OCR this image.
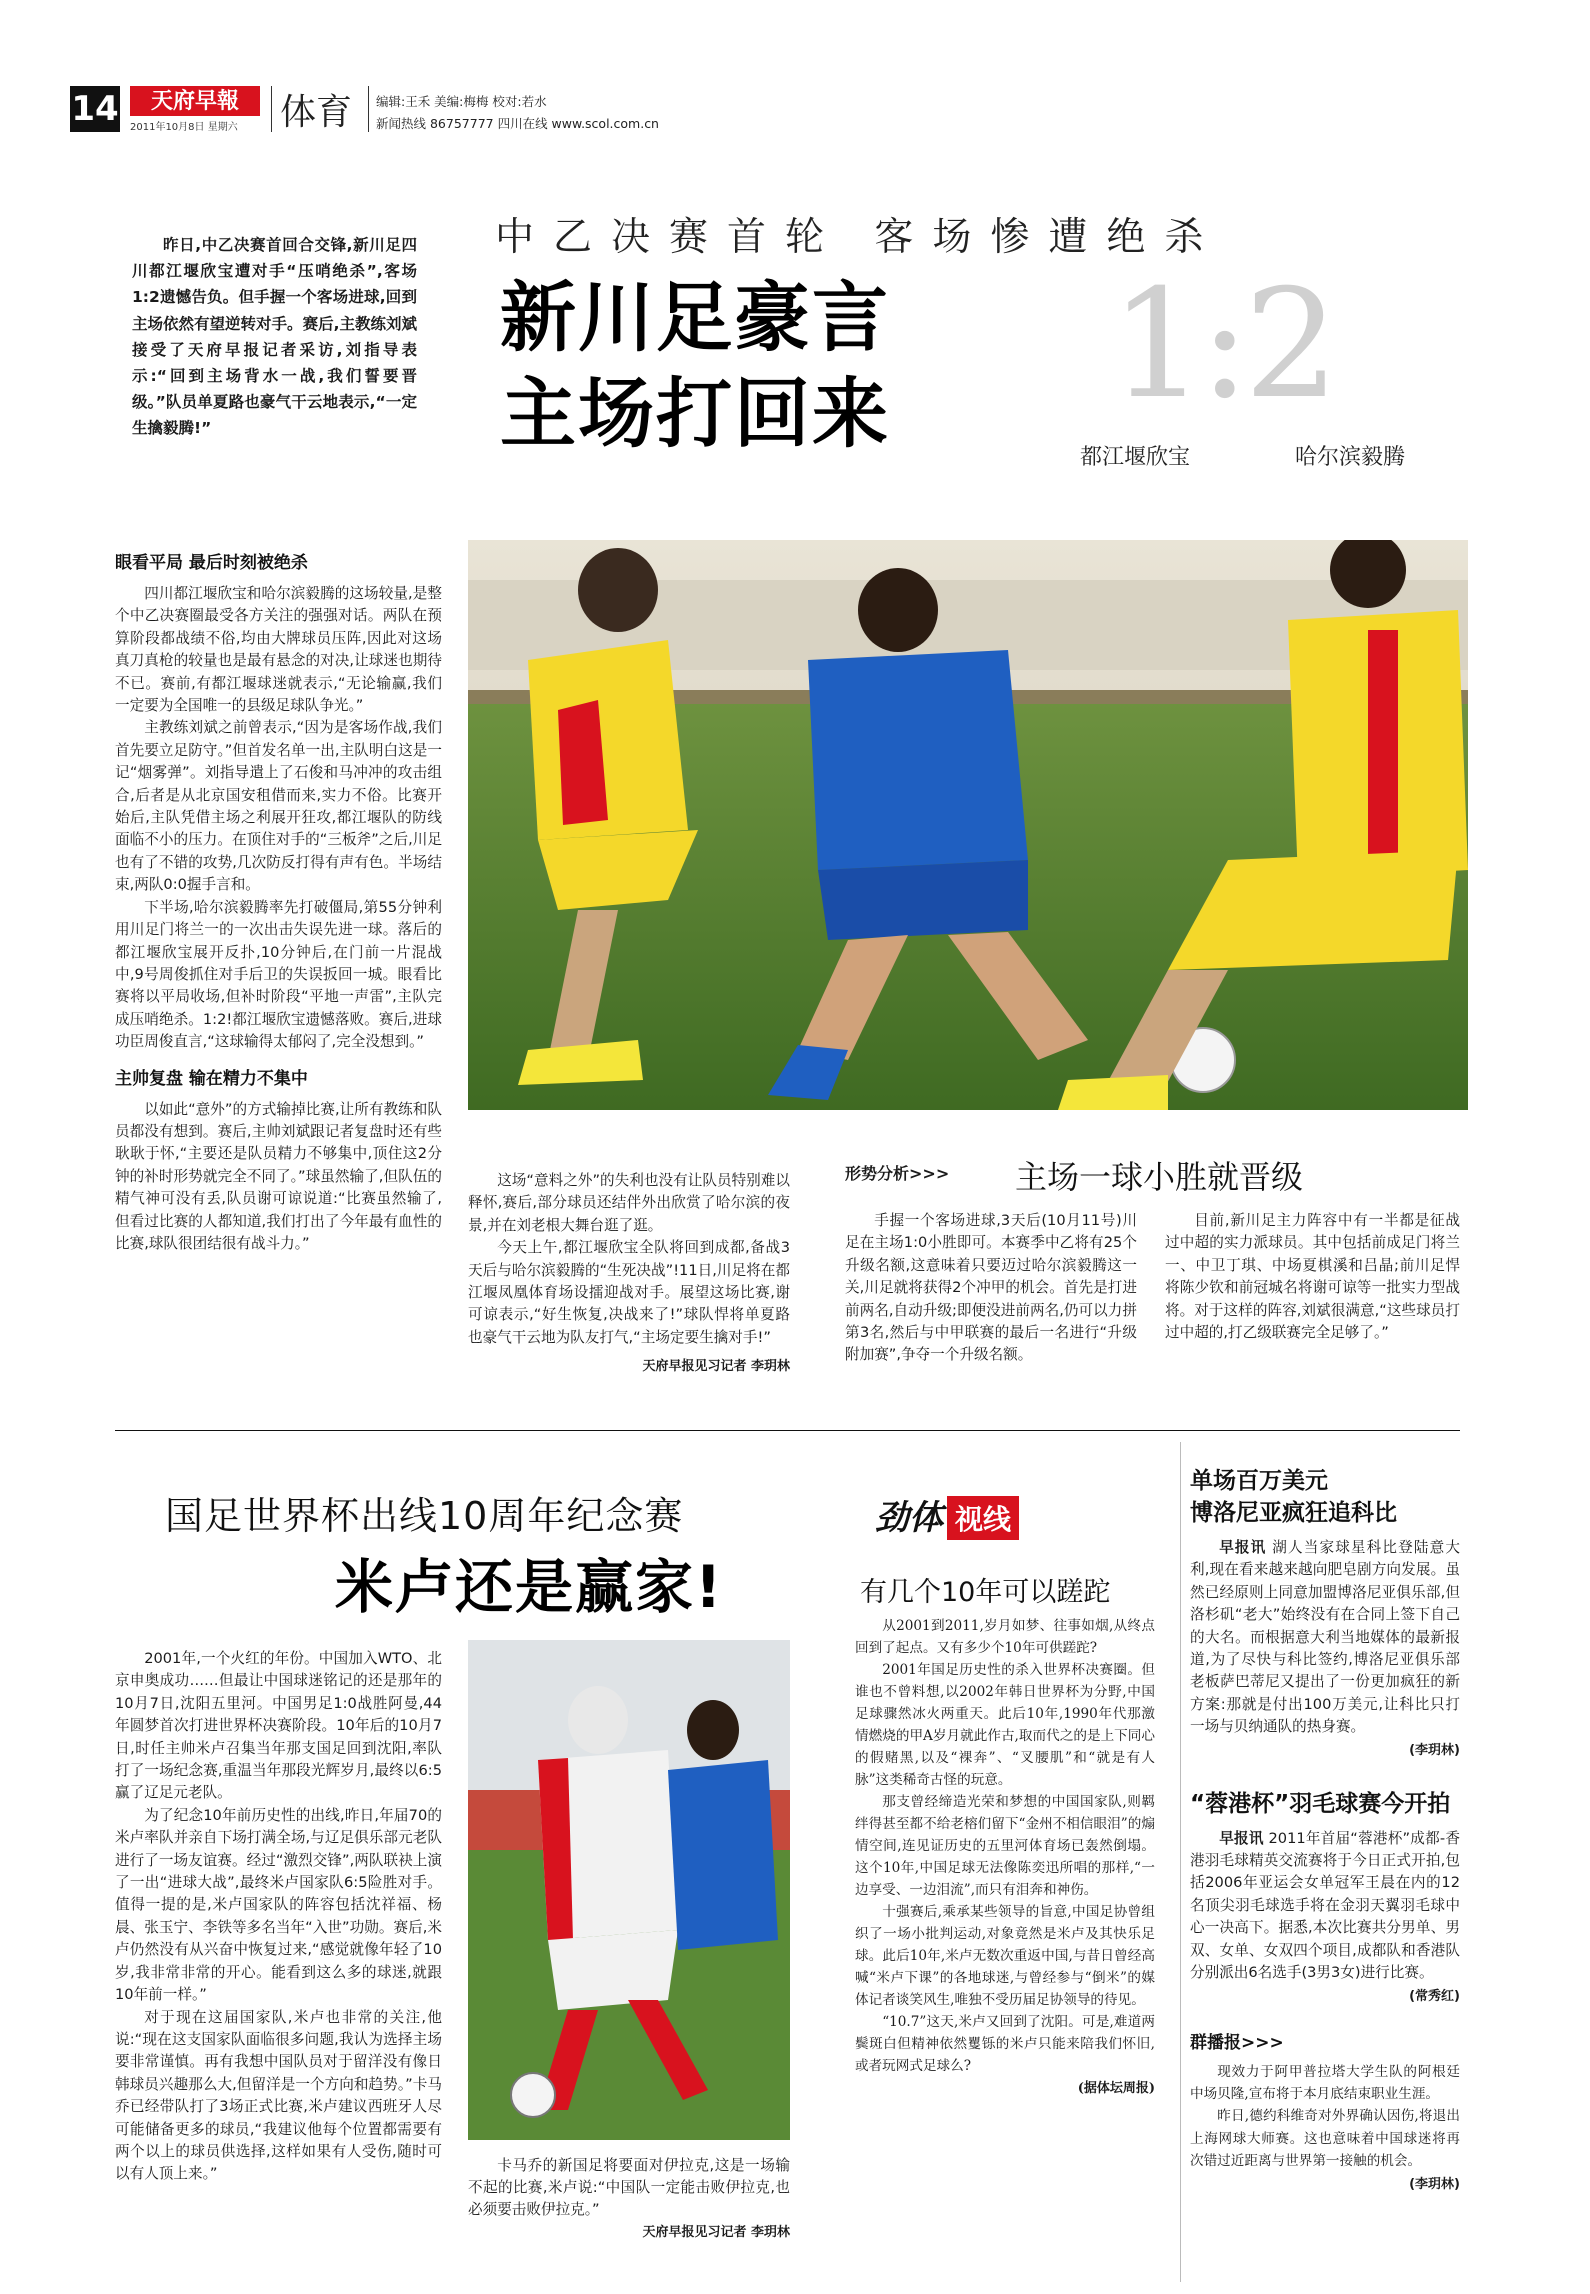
14	天府早報
2011年10月8日 星期六	体育 编辑:王禾 美编:梅梅 校对:若水
新闻热线 86757777 四川在线 www.scol.com.cn

昨日,中乙决赛首回合交锋,新川足四川都江堰欣宝遭对手“压哨绝杀”,客场1:2遗憾告负。但手握一个客场进球,回到主场依然有望逆转对手。赛后,主教练刘斌接受了天府早报记者采访,刘指导表示:“回到主场背水一战,我们誓要晋级。”队员单夏路也豪气干云地表示,“一定生擒毅腾!”

中乙决赛首轮 客场惨遭绝杀
新川足豪言
主场打回来	1:2
都江堰欣宝	哈尔滨毅腾
眼看平局 最后时刻被绝杀

四川都江堰欣宝和哈尔滨毅腾的这场较量,是整个中乙决赛圈最受各方关注的强强对话。两队在预算阶段都战绩不俗,均由大牌球员压阵,因此对这场真刀真枪的较量也是最有悬念的对决,让球迷也期待不已。赛前,有都江堰球迷就表示,“无论输赢,我们一定要为全国唯一的县级足球队争光。”

主教练刘斌之前曾表示,“因为是客场作战,我们首先要立足防守。”但首发名单一出,主队明白这是一记“烟雾弹”。刘指导遣上了石俊和马冲冲的攻击组合,后者是从北京国安租借而来,实力不俗。比赛开始后,主队凭借主场之利展开狂攻,都江堰队的防线面临不小的压力。在顶住对手的“三板斧”之后,川足也有了不错的攻势,几次防反打得有声有色。半场结束,两队0:0握手言和。

下半场,哈尔滨毅腾率先打破僵局,第55分钟利用川足门将兰一的一次出击失误先进一球。落后的都江堰欣宝展开反扑,10分钟后,在门前一片混战中,9号周俊抓住对手后卫的失误扳回一城。眼看比赛将以平局收场,但补时阶段“平地一声雷”,主队完成压哨绝杀。1:2!都江堰欣宝遗憾落败。赛后,进球功臣周俊直言,“这球输得太郁闷了,完全没想到。”

主帅复盘 输在精力不集中

以如此“意外”的方式输掉比赛,让所有教练和队员都没有想到。赛后,主帅刘斌跟记者复盘时还有些耿耿于怀,“主要还是队员精力不够集中,顶住这2分钟的补时形势就完全不同了。”球虽然输了,但队伍的精气神可没有丢,队员谢可谅说道:“比赛虽然输了,但看过比赛的人都知道,我们打出了今年最有血性的比赛,球队很团结很有战斗力。”

这场“意料之外”的失利也没有让队员特别难以释怀,赛后,部分球员还结伴外出欣赏了哈尔滨的夜景,并在刘老根大舞台逛了逛。

今天上午,都江堰欣宝全队将回到成都,备战3天后与哈尔滨毅腾的“生死决战”!11日,川足将在都江堰凤凰体育场设擂迎战对手。展望这场比赛,谢可谅表示,“好生恢复,决战来了!”球队悍将单夏路也豪气干云地为队友打气,“主场定要生擒对手!”

天府早报见习记者 李玥林
形势分析>>> 主场一球小胜就晋级

手握一个客场进球,3天后(10月11号)川足在主场1:0小胜即可。本赛季中乙将有25个升级名额,这意味着只要迈过哈尔滨毅腾这一关,川足就将获得2个冲甲的机会。首先是打进前两名,自动升级;即便没进前两名,仍可以力拼第3名,然后与中甲联赛的最后一名进行“升级附加赛”,争夺一个升级名额。

目前,新川足主力阵容中有一半都是征战过中超的实力派球员。其中包括前成足门将兰一、中卫丁琪、中场夏棋溪和吕晶;前川足悍将陈少钦和前冠城名将谢可谅等一批实力型战将。对于这样的阵容,刘斌很满意,“这些球员打过中超的,打乙级联赛完全足够了。”

国足世界杯出线10周年纪念赛
米卢还是赢家!

2001年,一个火红的年份。中国加入WTO、北京申奥成功……但最让中国球迷铭记的还是那年的10月7日,沈阳五里河。中国男足1:0战胜阿曼,44年圆梦首次打进世界杯决赛阶段。10年后的10月7日,时任主帅米卢召集当年那支国足回到沈阳,率队打了一场纪念赛,重温当年那段光辉岁月,最终以6:5赢了辽足元老队。

为了纪念10年前历史性的出线,昨日,年届70的米卢率队并亲自下场打满全场,与辽足俱乐部元老队进行了一场友谊赛。经过“激烈交锋”,两队联袂上演了一出“进球大战”,最终米卢国家队6:5险胜对手。值得一提的是,米卢国家队的阵容包括沈祥福、杨晨、张玉宁、李铁等多名当年“入世”功勋。赛后,米卢仍然没有从兴奋中恢复过来,“感觉就像年轻了10岁,我非常非常的开心。能看到这么多的球迷,就跟10年前一样。”

对于现在这届国家队,米卢也非常的关注,他说:“现在这支国家队面临很多问题,我认为选择主场要非常谨慎。再有我想中国队员对于留洋没有像日韩球员兴趣那么大,但留洋是一个方向和趋势。”卡马乔已经带队打了3场正式比赛,米卢建议西班牙人尽可能储备更多的球员,“我建议他每个位置都需要有两个以上的球员供选择,这样如果有人受伤,随时可以有人顶上来。”	卡马乔的新国足将要面对伊拉克,这是一场输不起的比赛,米卢说:“中国队一定能击败伊拉克,也必须要击败伊拉克。”

天府早报见习记者 李玥林
劲体 视线
有几个10年可以蹉跎

从2001到2011,岁月如梦、往事如烟,从终点回到了起点。又有多少个10年可供蹉跎?

2001年国足历史性的杀入世界杯决赛圈。但谁也不曾料想,以2002年韩日世界杯为分野,中国足球骤然冰火两重天。此后10年,1990年代那激情燃烧的甲A岁月就此作古,取而代之的是上下同心的假赌黑,以及“裸奔”、“叉腰肌”和“就是有人脉”这类稀奇古怪的玩意。

那支曾经缔造光荣和梦想的中国国家队,则羁绊得甚至都不给老榕们留下“金州不相信眼泪”的煽情空间,连见证历史的五里河体育场已轰然倒塌。这个10年,中国足球无法像陈奕迅所唱的那样,“一边享受、一边泪流”,而只有泪奔和神伤。

十强赛后,乘承某些领导的旨意,中国足协曾组织了一场小批判运动,对象竟然是米卢及其快乐足球。此后10年,米卢无数次重返中国,与昔日曾经高喊“米卢下课”的各地球迷,与曾经参与“倒米”的媒体记者谈笑风生,唯独不受历届足协领导的待见。

“10.7”这天,米卢又回到了沈阳。可是,难道两鬓斑白但精神依然矍铄的米卢只能来陪我们怀旧,或者玩网式足球么?

(据体坛周报)
单场百万美元
博洛尼亚疯狂追科比

早报讯 湖人当家球星科比登陆意大利,现在看来越来越向肥皂剧方向发展。虽然已经原则上同意加盟博洛尼亚俱乐部,但洛杉矶“老大”始终没有在合同上签下自己的大名。而根据意大利当地媒体的最新报道,为了尽快与科比签约,博洛尼亚俱乐部老板萨巴蒂尼又提出了一份更加疯狂的新方案:那就是付出100万美元,让科比只打一场与贝纳通队的热身赛。

(李玥林)
“蓉港杯”羽毛球赛今开拍

早报讯 2011年首届“蓉港杯”成都-香港羽毛球精英交流赛将于今日正式开拍,包括2006年亚运会女单冠军王晨在内的12名顶尖羽毛球选手将在金羽天翼羽毛球中心一决高下。据悉,本次比赛共分男单、男双、女单、女双四个项目,成都队和香港队分别派出6名选手(3男3女)进行比赛。

(常秀红)
群播报>>>

现效力于阿甲普拉塔大学生队的阿根廷中场贝隆,宣布将于本月底结束职业生涯。

昨日,德约科维奇对外界确认因伤,将退出上海网球大师赛。这也意味着中国球迷将再次错过近距离与世界第一接触的机会。

(李玥林)
